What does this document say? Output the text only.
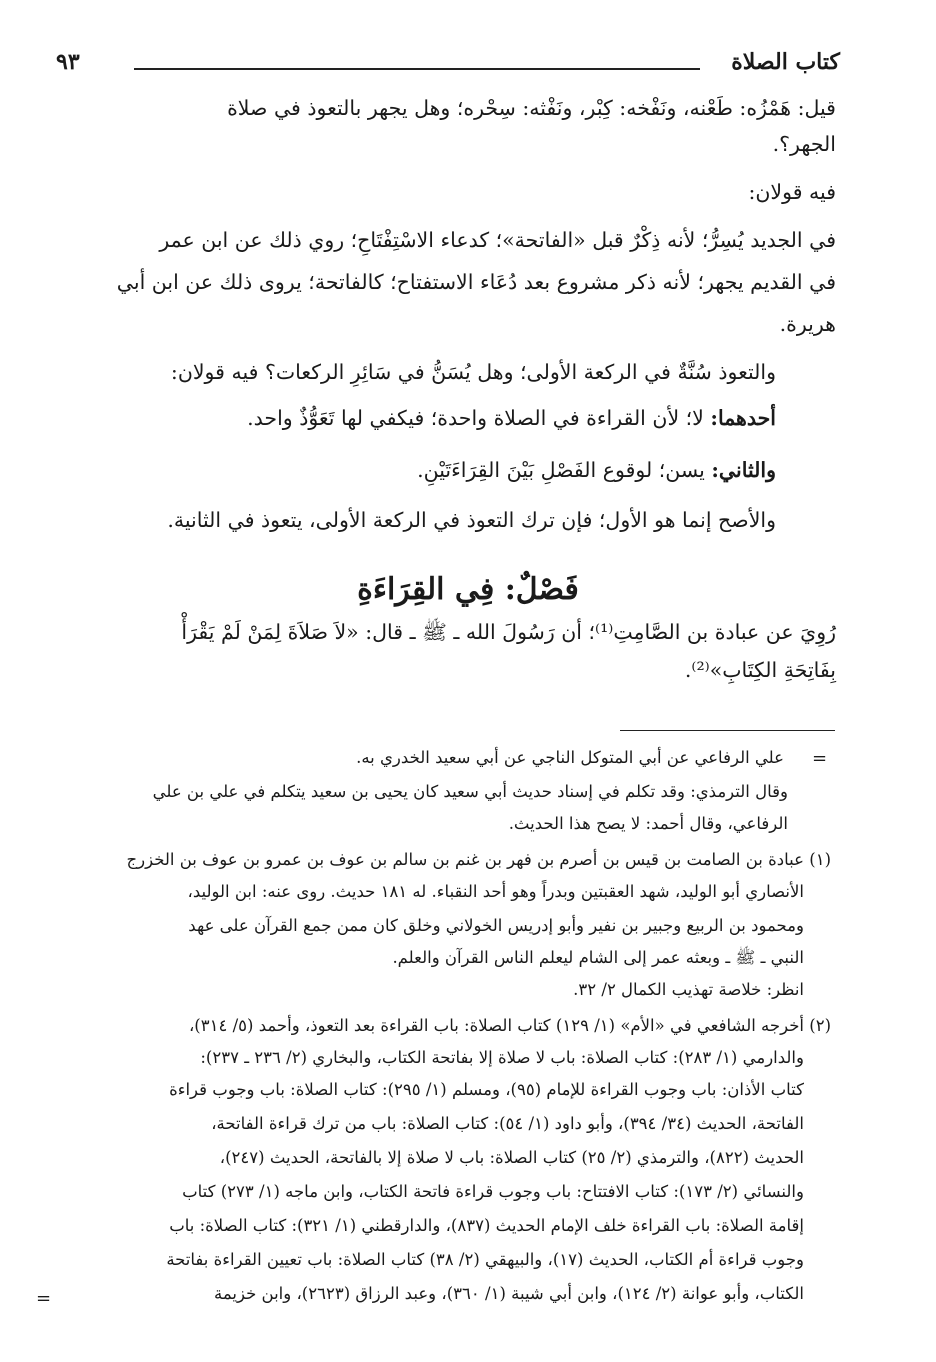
كتاب الصلاة
٩٣
قيل: هَمْزُه: طَعْنه، ونَفْخه: كِبْر، ونَفْثه: سِحْره؛ وهل يجهر بالتعوذ في صلاة
الجهر؟.
فيه قولان:
في الجديد يُسِرُّ؛ لأنه ذِكْرٌ قبل «الفاتحة»؛ كدعاء الاسْتِفْتَاحِ؛ روي ذلك عن ابن عمر
في القديم يجهر؛ لأنه ذكر مشروع بعد دُعَاء الاستفتاح؛ كالفاتحة؛ يروى ذلك عن ابن أبي
هريرة.
والتعوذ سُنَّةٌ في الركعة الأولى؛ وهل يُسَنُّ في سَائِرِ الركعات؟ فيه قولان:
أحدهما: لا؛ لأن القراءة في الصلاة واحدة؛ فيكفي لها تَعَوُّذٌ واحد.
والثاني: يسن؛ لوقوع الفَصْلِ بَيْنَ القِرَاءَتَيْنِ.
والأصح إنما هو الأول؛ فإن ترك التعوذ في الركعة الأولى، يتعوذ في الثانية.
فَصْلٌ: فِي القِرَاءَةِ
رُوِيَ عن عبادة بن الصَّامِتِ⁽¹⁾؛ أن رَسُولَ الله ـ ﷺ ـ قال: «لاَ صَلاَةَ لِمَنْ لَمْ يَقْرَأْ
بِفَاتِحَةِ الكِتَابِ»⁽²⁾.
=
علي الرفاعي عن أبي المتوكل الناجي عن أبي سعيد الخدري به.
وقال الترمذي: وقد تكلم في إسناد حديث أبي سعيد كان يحيى بن سعيد يتكلم في علي بن علي
الرفاعي، وقال أحمد: لا يصح هذا الحديث.
(١) عبادة بن الصامت بن قيس بن أصرم بن فهر بن غنم بن سالم بن عوف بن عمرو بن عوف بن الخزرج
الأنصاري أبو الوليد، شهد العقبتين وبدراً وهو أحد النقباء. له ١٨١ حديث. روى عنه: ابن الوليد،
ومحمود بن الربيع وجبير بن نفير وأبو إدريس الخولاني وخلق كان ممن جمع القرآن على عهد
النبي ـ ﷺ ـ وبعثه عمر إلى الشام ليعلم الناس القرآن والعلم.
انظر: خلاصة تهذيب الكمال ٢/ ٣٢.
(٢) أخرجه الشافعي في «الأم» (١/ ١٢٩) كتاب الصلاة: باب القراءة بعد التعوذ، وأحمد (٥/ ٣١٤)،
والدارمي (١/ ٢٨٣): كتاب الصلاة: باب لا صلاة إلا بفاتحة الكتاب، والبخاري (٢/ ٢٣٦ ـ ٢٣٧):
كتاب الأذان: باب وجوب القراءة للإمام (٩٥)، ومسلم (١/ ٢٩٥): كتاب الصلاة: باب وجوب قراءة
الفاتحة، الحديث (٣٤/ ٣٩٤)، وأبو داود (١/ ٥٤): كتاب الصلاة: باب من ترك قراءة الفاتحة،
الحديث (٨٢٢)، والترمذي (٢/ ٢٥) كتاب الصلاة: باب لا صلاة إلا بالفاتحة، الحديث (٢٤٧)،
والنسائي (٢/ ١٧٣): كتاب الافتتاح: باب وجوب قراءة فاتحة الكتاب، وابن ماجه (١/ ٢٧٣) كتاب
إقامة الصلاة: باب القراءة خلف الإمام الحديث (٨٣٧)، والدارقطني (١/ ٣٢١): كتاب الصلاة: باب
وجوب قراءة أم الكتاب، الحديث (١٧)، والبيهقي (٢/ ٣٨) كتاب الصلاة: باب تعيين القراءة بفاتحة
الكتاب، وأبو عوانة (٢/ ١٢٤)، وابن أبي شيبة (١/ ٣٦٠)، وعبد الرزاق (٢٦٢٣)، وابن خزيمة
=
